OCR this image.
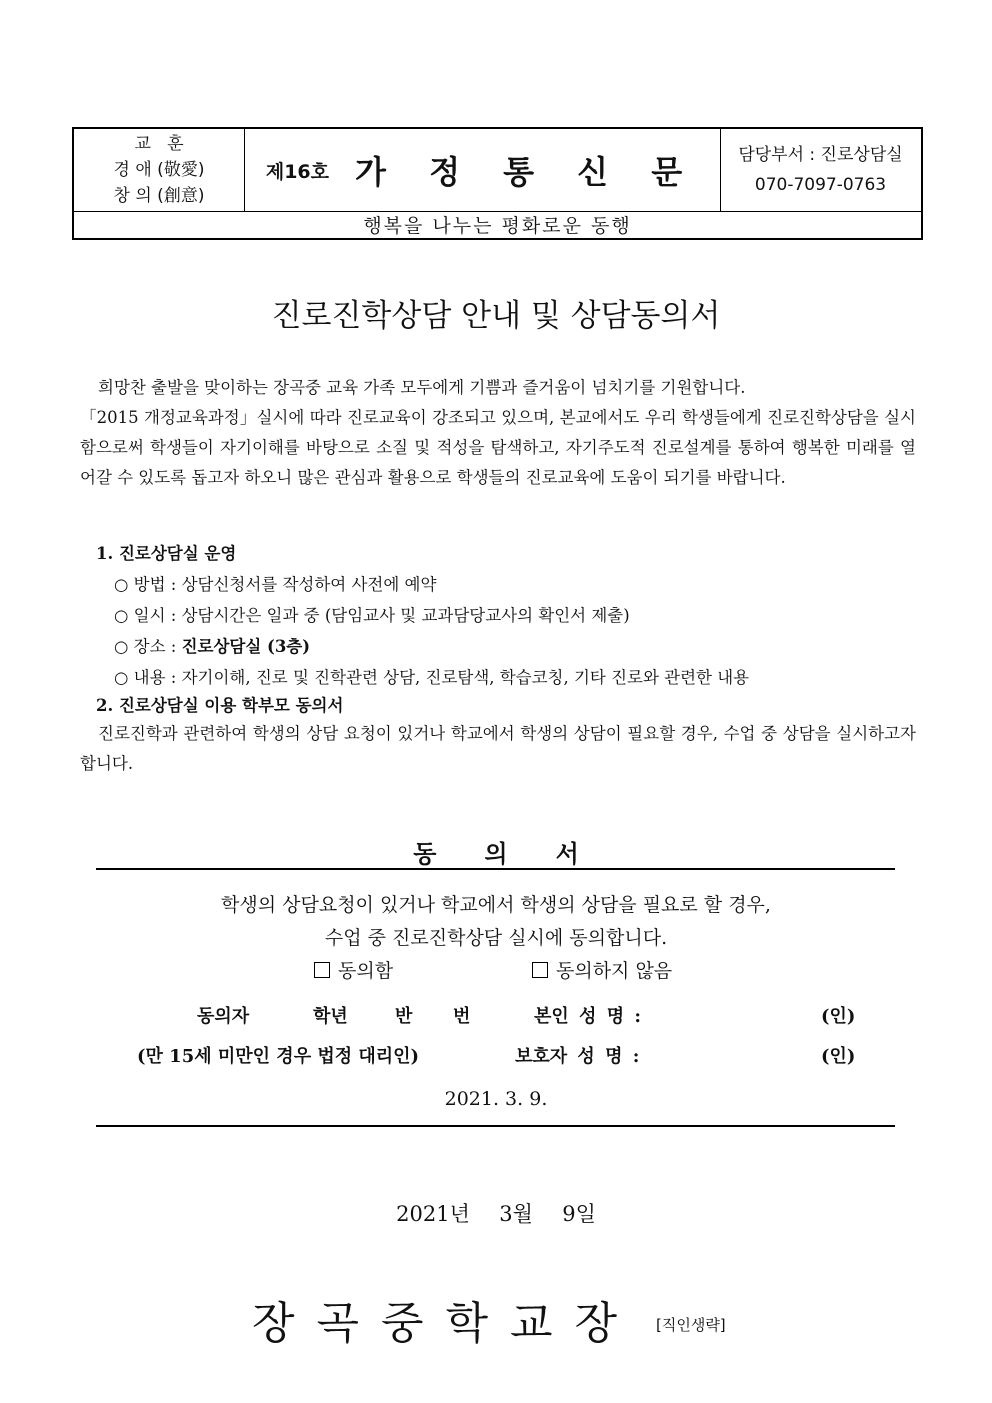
교   훈
경 애 (敬愛)
창 의 (創意)
제16호 가 정 통 신 문 담당부서 : 진로상담실
070-7097-0763
행복을 나누는 평화로운 동행
진로진학상담 안내 및 상담동의서

희망찬 출발을 맞이하는 장곡중 교육 가족 모두에게 기쁨과 즐거움이 넘치기를 기원합니다.

「2015 개정교육과정」실시에 따라 진로교육이 강조되고 있으며, 본교에서도 우리 학생들에게 진로진학상담을 실시함으로써 학생들이 자기이해를 바탕으로 소질 및 적성을 탐색하고, 자기주도적 진로설계를 통하여 행복한 미래를 열어갈 수 있도록 돕고자 하오니 많은 관심과 활용으로 학생들의 진로교육에 도움이 되기를 바랍니다.

1. 진로상담실 운영
○ 방법 : 상담신청서를 작성하여 사전에 예약
○ 일시 : 상담시간은 일과 중 (담임교사 및 교과담당교사의 확인서 제출)
○ 장소 : 진로상담실 (3층)
○ 내용 : 자기이해, 진로 및 진학관련 상담, 진로탐색, 학습코칭, 기타 진로와 관련한 내용
2. 진로상담실 이용 학부모 동의서

진로진학과 관련하여 학생의 상담 요청이 있거나 학교에서 학생의 상담이 필요할 경우, 수업 중 상담을 실시하고자 합니다.

동의서
학생의 상담요청이 있거나 학교에서 학생의 상담을 필요로 할 경우,
수업 중 진로진학상담 실시에 동의합니다.
동의함	동의하지 않음
동의자	학년	반 번	본인 성 명 :	(인)
(만 15세 미만인 경우 법정 대리인)	보호자 성 명 :	(인)
2021. 3. 9.
2021년  3월  9일
장곡중학교장 [직인생략]
